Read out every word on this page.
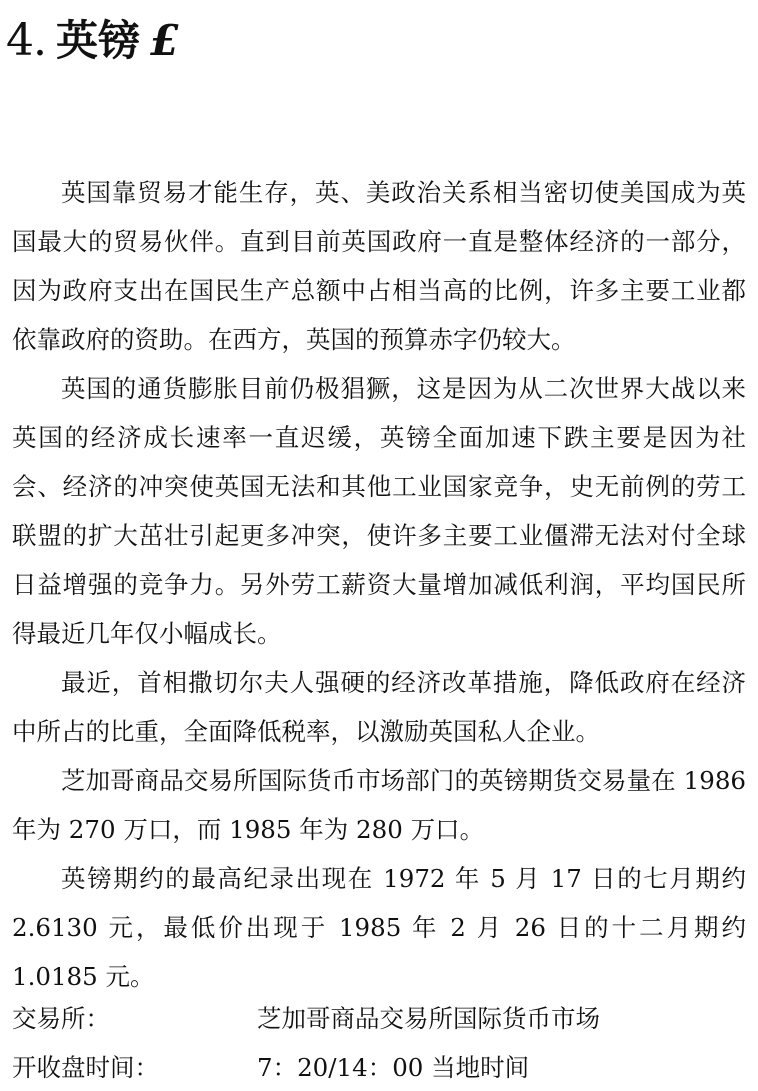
4. 英镑 £

英国靠贸易才能生存，英、美政治关系相当密切使美国成为英国最大的贸易伙伴。直到目前英国政府一直是整体经济的一部分，因为政府支出在国民生产总额中占相当高的比例，许多主要工业都依靠政府的资助。在西方，英国的预算赤字仍较大。

英国的通货膨胀目前仍极猖獗，这是因为从二次世界大战以来英国的经济成长速率一直迟缓，英镑全面加速下跌主要是因为社会、经济的冲突使英国无法和其他工业国家竞争，史无前例的劳工联盟的扩大茁壮引起更多冲突，使许多主要工业僵滞无法对付全球日益增强的竞争力。另外劳工薪资大量增加减低利润，平均国民所得最近几年仅小幅成长。

最近，首相撒切尔夫人强硬的经济改革措施，降低政府在经济中所占的比重，全面降低税率，以激励英国私人企业。

芝加哥商品交易所国际货币市场部门的英镑期货交易量在 1986 年为 270 万口，而 1985 年为 280 万口。

英镑期约的最高纪录出现在 1972 年 5 月 17 日的七月期约 2.6130 元，最低价出现于 1985 年 2 月 26 日的十二月期约 1.0185 元。

交易所：	芝加哥商品交易所国际货币市场
开收盘时间：	7：20/14：00 当地时间
